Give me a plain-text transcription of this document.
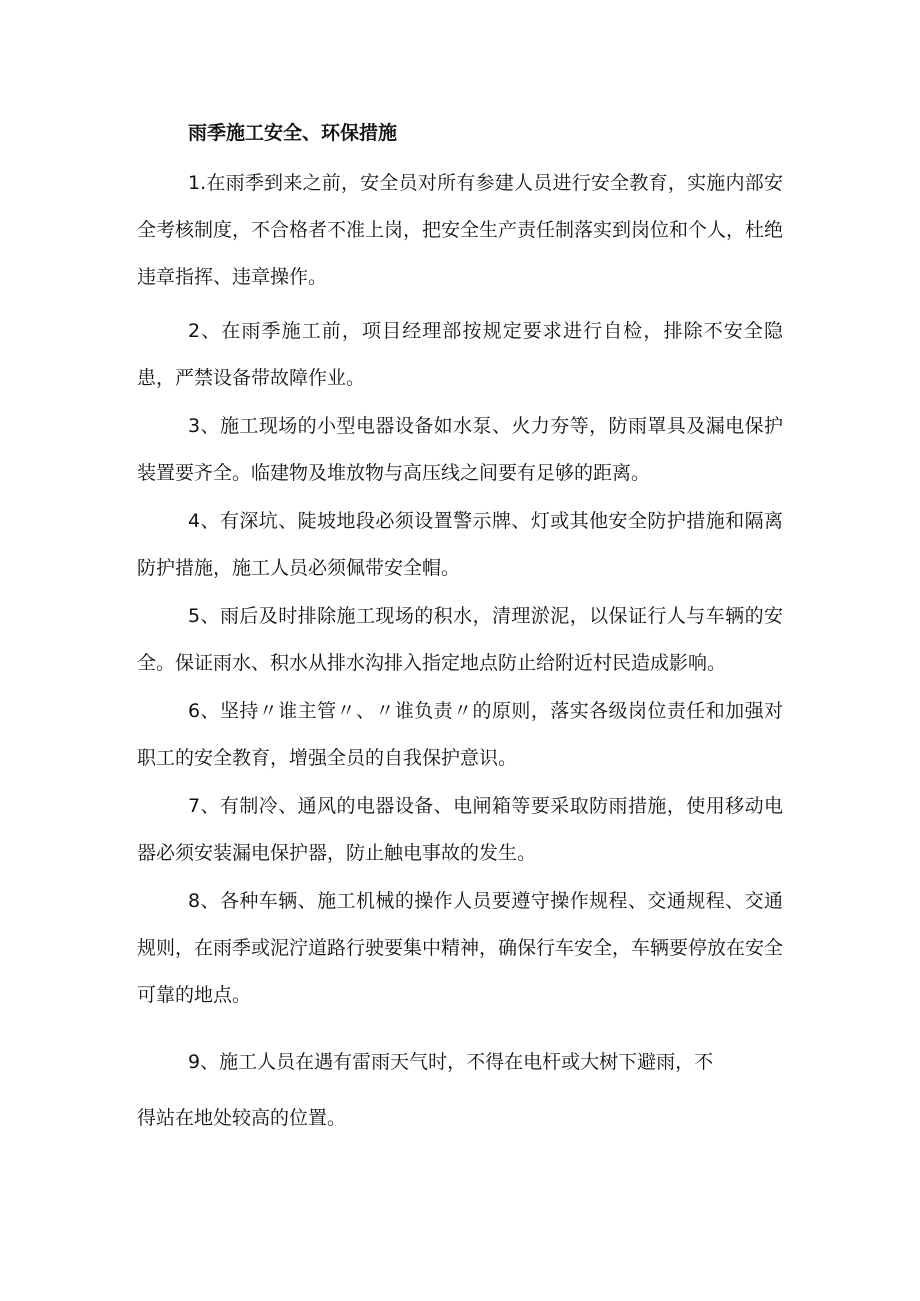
雨季施工安全、环保措施

1.在雨季到来之前，安全员对所有参建人员进行安全教育，实施内部安全考核制度，不合格者不准上岗，把安全生产责任制落实到岗位和个人，杜绝违章指挥、违章操作。

2、在雨季施工前，项目经理部按规定要求进行自检，排除不安全隐患，严禁设备带故障作业。

3、施工现场的小型电器设备如水泵、火力夯等，防雨罩具及漏电保护装置要齐全。临建物及堆放物与高压线之间要有足够的距离。

4、有深坑、陡坡地段必须设置警示牌、灯或其他安全防护措施和隔离防护措施，施工人员必须佩带安全帽。

5、雨后及时排除施工现场的积水，清理淤泥，以保证行人与车辆的安全。保证雨水、积水从排水沟排入指定地点防止给附近村民造成影响。

6、坚持〃谁主管〃、〃谁负责〃的原则，落实各级岗位责任和加强对职工的安全教育，增强全员的自我保护意识。

7、有制冷、通风的电器设备、电闸箱等要采取防雨措施，使用移动电器必须安装漏电保护器，防止触电事故的发生。

8、各种车辆、施工机械的操作人员要遵守操作规程、交通规程、交通规则，在雨季或泥泞道路行驶要集中精神，确保行车安全，车辆要停放在安全可靠的地点。

9、施工人员在遇有雷雨天气时，不得在电杆或大树下避雨，不

得站在地处较高的位置。
